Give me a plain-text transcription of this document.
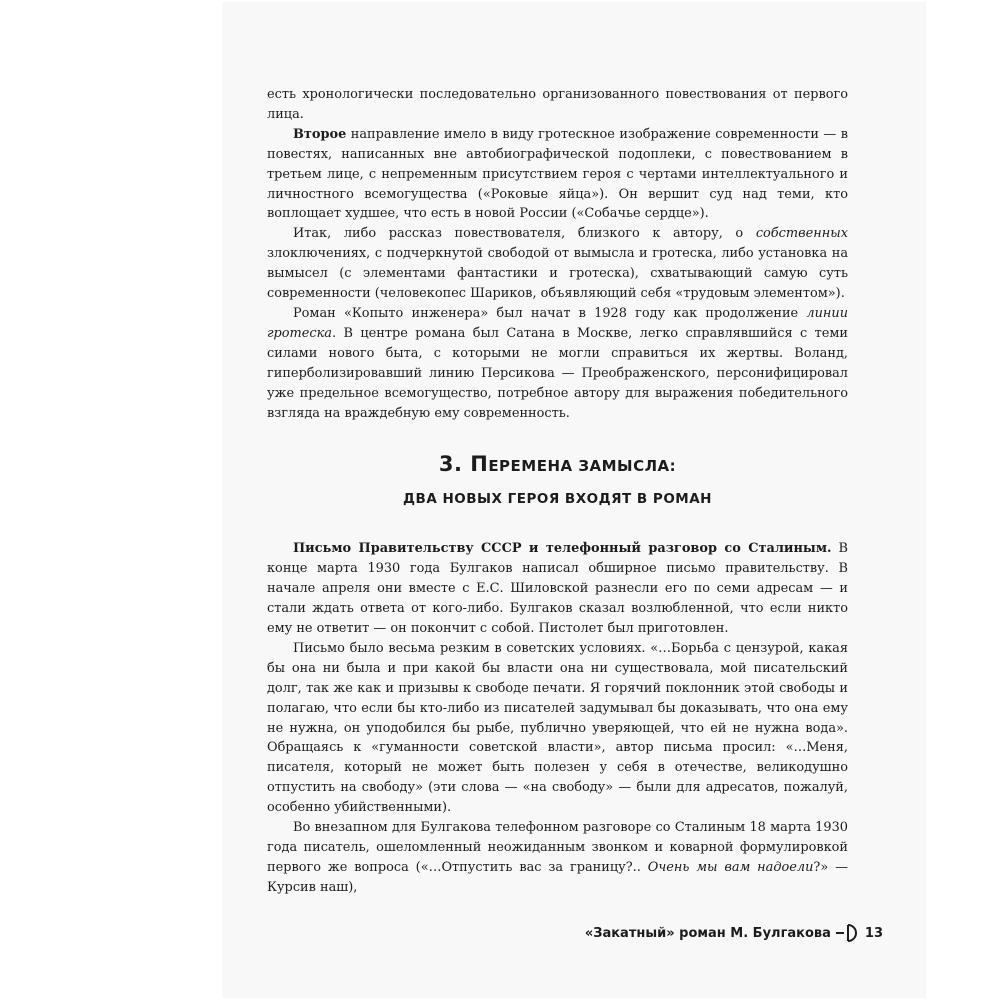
есть хронологически последовательно организованного повествования от первого лица.

Второе направление имело в виду гротескное изображение современности — в повестях, написанных вне автобиографической подоплеки, с повествованием в третьем лице, с непременным присутствием героя с чертами интеллектуального и личностного всемогущества («Роковые яйца»). Он вершит суд над теми, кто воплощает худшее, что есть в новой России («Собачье сердце»).

Итак, либо рассказ повествователя, близкого к автору, о собственных злоключениях, с подчеркнутой свободой от вымысла и гротеска, либо установка на вымысел (с элементами фантастики и гротеска), схватывающий самую суть современности (человекопес Шариков, объявляющий себя «трудовым элементом»).

Роман «Копыто инженера» был начат в 1928 году как продолжение линии гротеска. В центре романа был Сатана в Москве, легко справлявшийся с теми силами нового быта, с которыми не могли справиться их жертвы. Воланд, гиперболизировавший линию Персикова — Преображенского, персонифицировал уже предельное всемогущество, потребное автору для выражения победительного взгляда на враждебную ему современность.

3. ПЕРЕМЕНА ЗАМЫСЛА:
ДВА НОВЫХ ГЕРОЯ ВХОДЯТ В РОМАН

Письмо Правительству СССР и телефонный разговор со Сталиным. В конце марта 1930 года Булгаков написал обширное письмо правительству. В начале апреля они вместе с Е.С. Шиловской разнесли его по семи адресам — и стали ждать ответа от кого-либо. Булгаков сказал возлюбленной, что если никто ему не ответит — он покончит с собой. Пистолет был приготовлен.

Письмо было весьма резким в советских условиях. «…Борьба с цензурой, какая бы она ни была и при какой бы власти она ни существовала, мой писательский долг, так же как и призывы к свободе печати. Я горячий поклонник этой свободы и полагаю, что если бы кто-либо из писателей задумывал бы доказывать, что она ему не нужна, он уподобился бы рыбе, публично уверяющей, что ей не нужна вода». Обращаясь к «гуманности советской власти», автор письма просил: «…Меня, писателя, который не может быть полезен у себя в отечестве, великодушно отпустить на свободу» (эти слова — «на свободу» — были для адресатов, пожалуй, особенно убийственными).

Во внезапном для Булгакова телефонном разговоре со Сталиным 18 марта 1930 года писатель, ошеломленный неожиданным звонком и коварной формулировкой первого же вопроса («…Отпустить вас за границу?.. Очень мы вам надоели?» — Курсив наш),

«Закатный» роман М. Булгакова	13
